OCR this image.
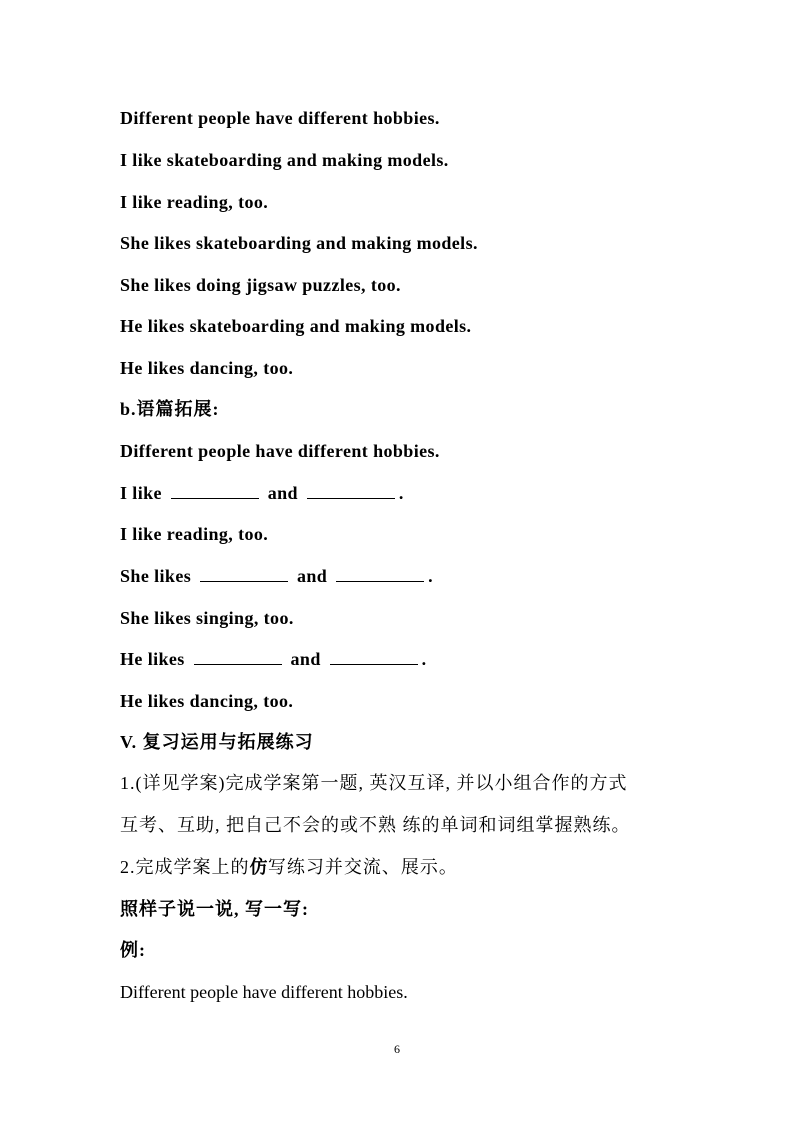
Different people have different hobbies.
I like skateboarding and making models.
I like reading, too.
She likes skateboarding and making models.
She likes doing jigsaw puzzles, too.
He likes skateboarding and making models.
He likes dancing, too.
b.语篇拓展:
Different people have different hobbies.
I like	and	.
I like reading, too.
She likes	and	.
She likes singing, too.
He likes	and	.
He likes dancing, too.
V. 复习运用与拓展练习
1.(详见学案)完成学案第一题, 英汉互译, 并以小组合作的方式
互考、互助, 把自己不会的或不熟 练的单词和词组掌握熟练。
2.完成学案上的仿写练习并交流、展示。
照样子说一说, 写一写:
例:
Different people have different hobbies.
6
